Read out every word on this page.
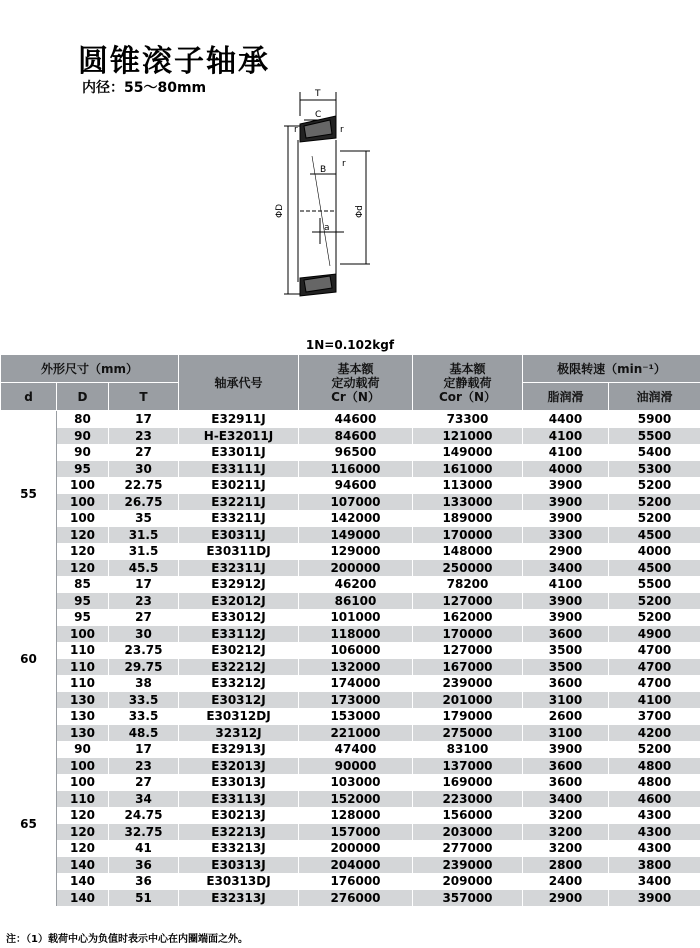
圆锥滚子轴承
内径：55～80mm	T
C
r	r
r
B
a
ΦD	Φd
1N=0.102kgf
外形尺寸（mm）			轴承代号	基本额
定动载荷
Cr（N）	基本额
定静载荷
Cor（N）	极限转速（min⁻¹）	
d	D	T				脂润滑	油润滑
55	80	17	E32911J	44600	73300	4400	5900
	90	23	H-E32011J	84600	121000	4100	5500
	90	27	E33011J	96500	149000	4100	5400
	95	30	E33111J	116000	161000	4000	5300
	100	22.75	E30211J	94600	113000	3900	5200
	100	26.75	E32211J	107000	133000	3900	5200
	100	35	E33211J	142000	189000	3900	5200
	120	31.5	E30311J	149000	170000	3300	4500
	120	31.5	E30311DJ	129000	148000	2900	4000
	120	45.5	E32311J	200000	250000	3400	4500
60	85	17	E32912J	46200	78200	4100	5500
	95	23	E32012J	86100	127000	3900	5200
	95	27	E33012J	101000	162000	3900	5200
	100	30	E33112J	118000	170000	3600	4900
	110	23.75	E30212J	106000	127000	3500	4700
	110	29.75	E32212J	132000	167000	3500	4700
	110	38	E33212J	174000	239000	3600	4700
	130	33.5	E30312J	173000	201000	3100	4100
	130	33.5	E30312DJ	153000	179000	2600	3700
	130	48.5	32312J	221000	275000	3100	4200
65	90	17	E32913J	47400	83100	3900	5200
	100	23	E32013J	90000	137000	3600	4800
	100	27	E33013J	103000	169000	3600	4800
	110	34	E33113J	152000	223000	3400	4600
	120	24.75	E30213J	128000	156000	3200	4300
	120	32.75	E32213J	157000	203000	3200	4300
	120	41	E33213J	200000	277000	3200	4300
	140	36	E30313J	204000	239000	2800	3800
	140	36	E30313DJ	176000	209000	2400	3400
	140	51	E32313J	276000	357000	2900	3900
注：（1）载荷中心为负值时表示中心在内圈端面之外。
